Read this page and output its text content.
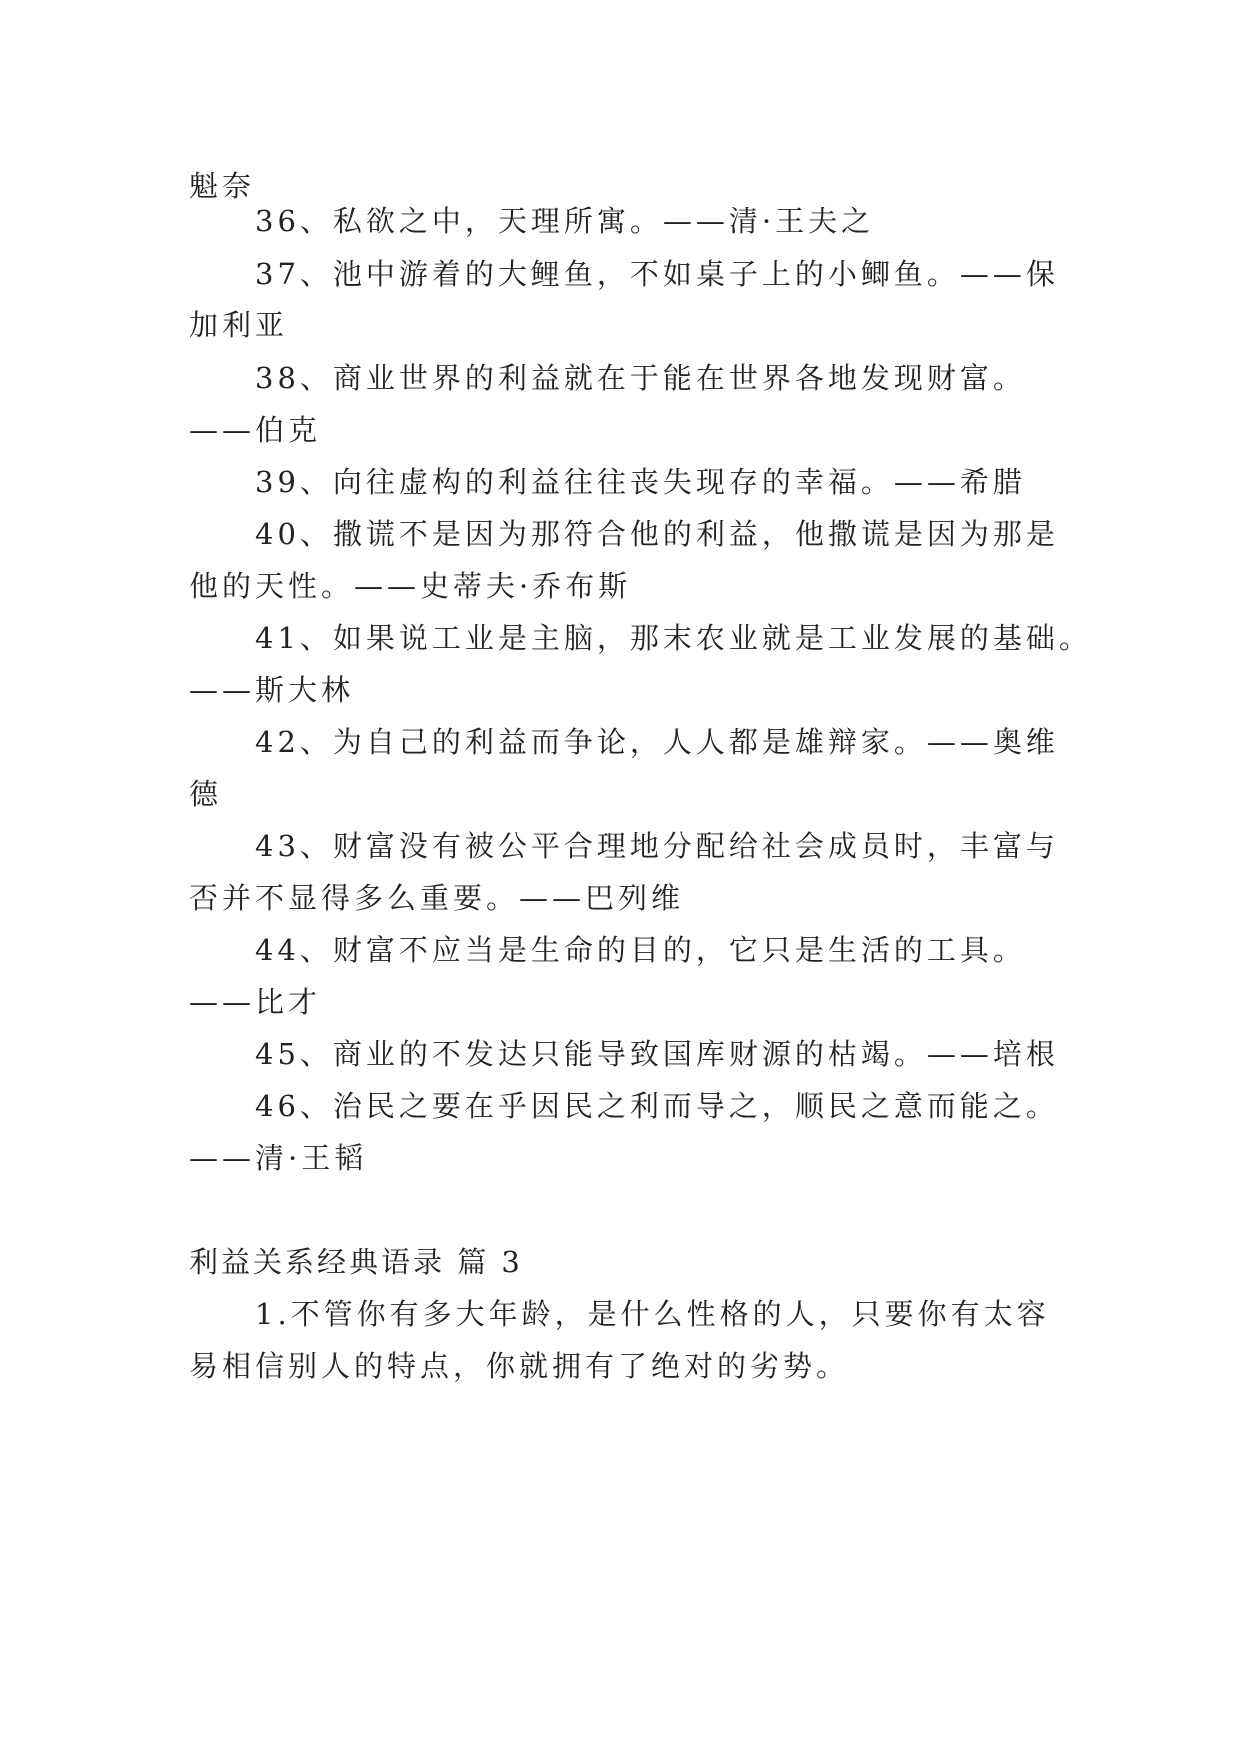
魁奈
36、私欲之中，天理所寓。——清·王夫之
37、池中游着的大鲤鱼，不如桌子上的小鲫鱼。——保
加利亚
38、商业世界的利益就在于能在世界各地发现财富。
——伯克
39、向往虚构的利益往往丧失现存的幸福。——希腊
40、撒谎不是因为那符合他的利益，他撒谎是因为那是
他的天性。——史蒂夫·乔布斯
41、如果说工业是主脑，那末农业就是工业发展的基础。
——斯大林
42、为自己的利益而争论，人人都是雄辩家。——奥维
德
43、财富没有被公平合理地分配给社会成员时，丰富与
否并不显得多么重要。——巴列维
44、财富不应当是生命的目的，它只是生活的工具。
——比才
45、商业的不发达只能导致国库财源的枯竭。——培根
46、治民之要在乎因民之利而导之，顺民之意而能之。
——清·王韬
利益关系经典语录 篇 3
1.不管你有多大年龄，是什么性格的人，只要你有太容
易相信别人的特点，你就拥有了绝对的劣势。
